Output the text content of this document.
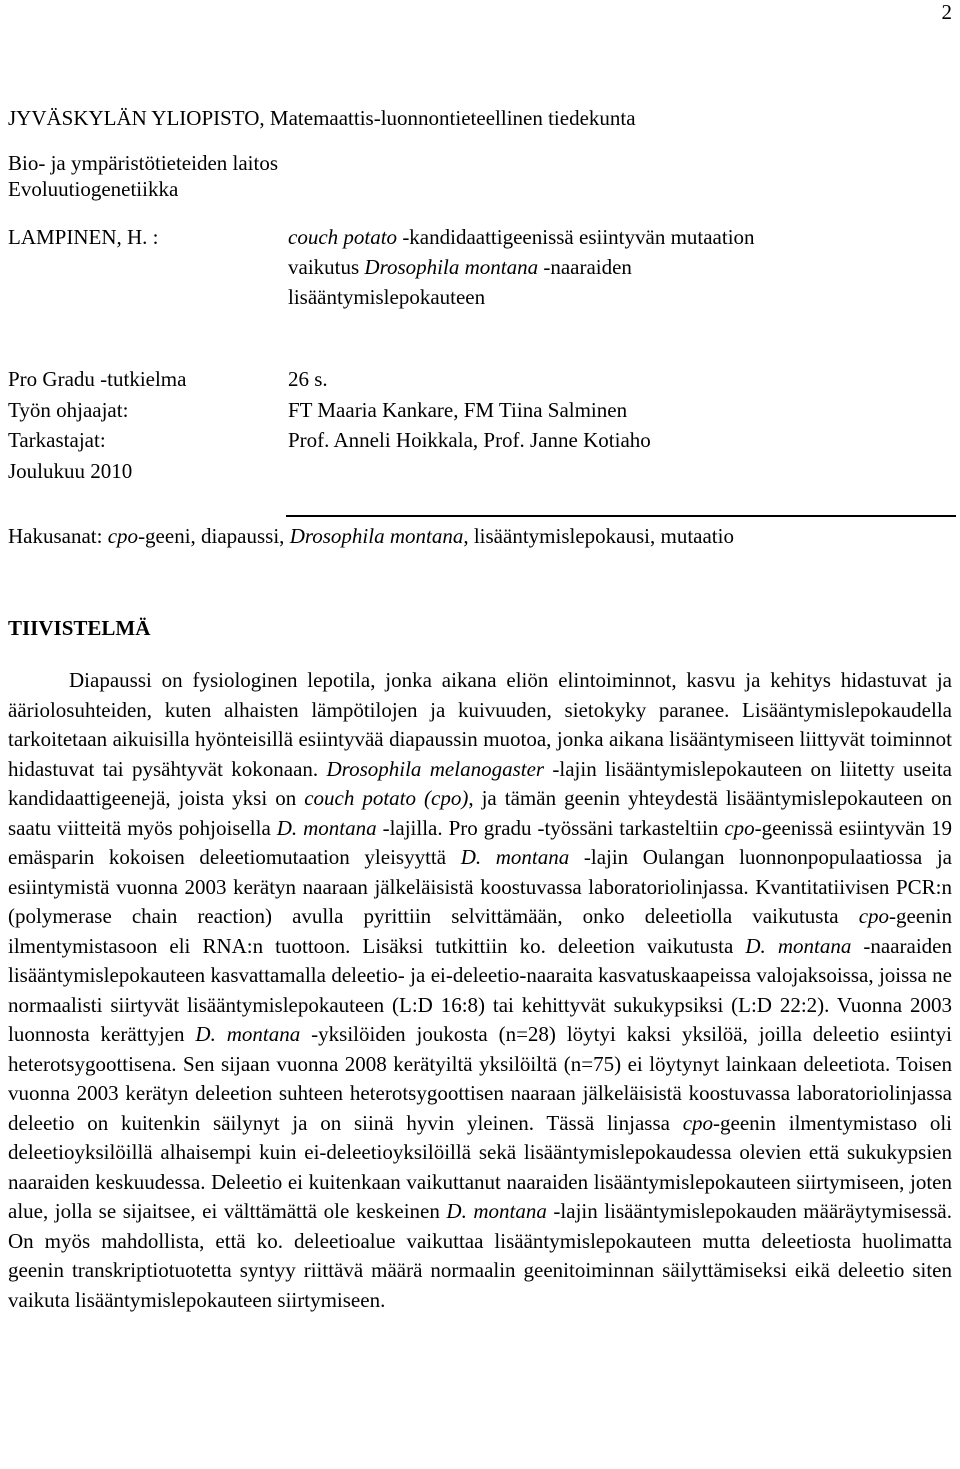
2
JYVÄSKYLÄN YLIOPISTO, Matemaattis-luonnontieteellinen tiedekunta
Bio- ja ympäristötieteiden laitos
Evoluutiogenetiikka
LAMPINEN, H. :	couch potato -kandidaattigeenissä esiintyvän mutaation
vaikutus Drosophila montana -naaraiden
lisääntymislepokauteen
Pro Gradu -tutkielma	26 s.
Työn ohjaajat:	FT Maaria Kankare, FM Tiina Salminen
Tarkastajat:	Prof. Anneli Hoikkala, Prof. Janne Kotiaho
Joulukuu 2010
Hakusanat: cpo-geeni, diapaussi, Drosophila montana, lisääntymislepokausi, mutaatio
TIIVISTELMÄ
Diapaussi on fysiologinen lepotila, jonka aikana eliön elintoiminnot, kasvu ja kehitys hidastuvat ja ääriolosuhteiden, kuten alhaisten lämpötilojen ja kuivuuden, sietokyky paranee. Lisääntymislepokaudella tarkoitetaan aikuisilla hyönteisillä esiintyvää diapaussin muotoa, jonka aikana lisääntymiseen liittyvät toiminnot hidastuvat tai pysähtyvät kokonaan. Drosophila melanogaster -lajin lisääntymislepokauteen on liitetty useita kandidaattigeenejä, joista yksi on couch potato (cpo), ja tämän geenin yhteydestä lisääntymislepokauteen on saatu viitteitä myös pohjoisella D. montana -lajilla. Pro gradu -työssäni tarkasteltiin cpo-geenissä esiintyvän 19 emäsparin kokoisen deleetiomutaation yleisyyttä D. montana -lajin Oulangan luonnonpopulaatiossa ja esiintymistä vuonna 2003 kerätyn naaraan jälkeläisistä koostuvassa laboratoriolinjassa. Kvantitatiivisen PCR:n (polymerase chain reaction) avulla pyrittiin selvittämään, onko deleetiolla vaikutusta cpo-geenin ilmentymistasoon eli RNA:n tuottoon. Lisäksi tutkittiin ko. deleetion vaikutusta D. montana -naaraiden lisääntymislepokauteen kasvattamalla deleetio- ja ei-deleetio-naaraita kasvatuskaapeissa valojaksoissa, joissa ne normaalisti siirtyvät lisääntymislepokauteen (L:D 16:8) tai kehittyvät sukukypsiksi (L:D 22:2). Vuonna 2003 luonnosta kerättyjen D. montana -yksilöiden joukosta (n=28) löytyi kaksi yksilöä, joilla deleetio esiintyi heterotsygoottisena. Sen sijaan vuonna 2008 kerätyiltä yksilöiltä (n=75) ei löytynyt lainkaan deleetiota. Toisen vuonna 2003 kerätyn deleetion suhteen heterotsygoottisen naaraan jälkeläisistä koostuvassa laboratoriolinjassa deleetio on kuitenkin säilynyt ja on siinä hyvin yleinen. Tässä linjassa cpo-geenin ilmentymistaso oli deleetioyksilöillä alhaisempi kuin ei-deleetioyksilöillä sekä lisääntymislepokaudessa olevien että sukukypsien naaraiden keskuudessa. Deleetio ei kuitenkaan vaikuttanut naaraiden lisääntymislepokauteen siirtymiseen, joten alue, jolla se sijaitsee, ei välttämättä ole keskeinen D. montana -lajin lisääntymislepokauden määräytymisessä. On myös mahdollista, että ko. deleetioalue vaikuttaa lisääntymislepokauteen mutta deleetiosta huolimatta geenin transkriptiotuotetta syntyy riittävä määrä normaalin geenitoiminnan säilyttämiseksi eikä deleetio siten vaikuta lisääntymislepokauteen siirtymiseen.
